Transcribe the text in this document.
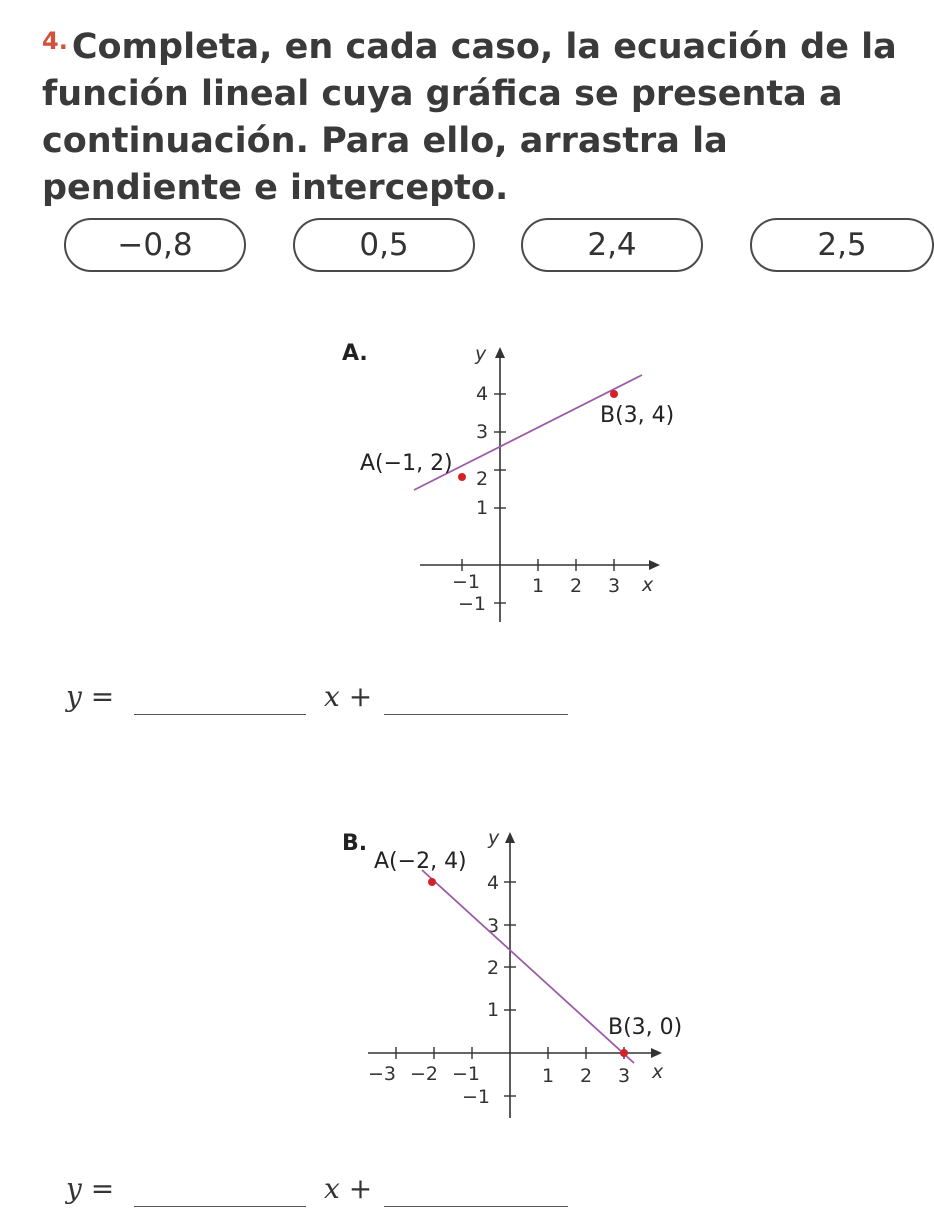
$^{4.}$ Completa, en cada caso, la ecuación de la función lineal cuya gráfica se presenta a continuación. Para ello, arrastra la pendiente e intercepto.
−0,8	0,5	2,4	2,5
A.	y
x
−1	1 2 3
4
3
2
1
−1
A(−1, 2)
B(3, 4)
y =	x +
B.	y
x
−3 −2 −1	1 2 3
4
3
2
1
−1
A(−2, 4)
B(3, 0)
y =	x +
